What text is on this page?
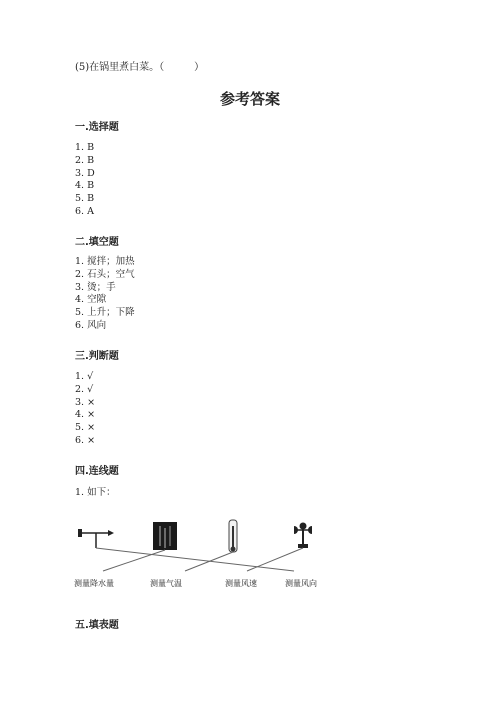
(5)在锅里煮白菜。（　　　）
参考答案
一.选择题
1. B
2. B
3. D
4. B
5. B
6. A
二.填空题
1. 搅拌；加热
2. 石头；空气
3. 烫；手
4. 空隙
5. 上升；下降
6. 风向
三.判断题
1. √
2. √
3. ×
4. ×
5. ×
6. ×
四.连线题
1. 如下：
测量降水量	测量气温	测量风速	测量风向
五.填表题
